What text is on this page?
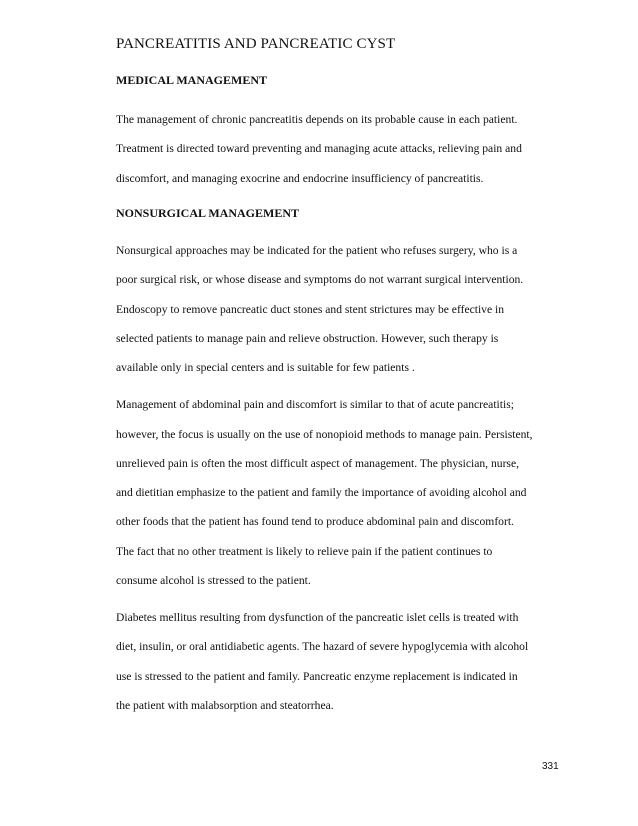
PANCREATITIS AND PANCREATIC CYST
MEDICAL MANAGEMENT
The management of chronic pancreatitis depends on its probable cause in each patient.
Treatment is directed toward preventing and managing acute attacks, relieving pain and
discomfort, and managing exocrine and endocrine insufficiency of pancreatitis.
NONSURGICAL MANAGEMENT
Nonsurgical approaches may be indicated for the patient who refuses surgery, who is a
poor surgical risk, or whose disease and symptoms do not warrant surgical intervention.
Endoscopy to remove pancreatic duct stones and stent strictures may be effective in
selected patients to manage pain and relieve obstruction. However, such therapy is
available only in special centers and is suitable for few patients .
Management of abdominal pain and discomfort is similar to that of acute pancreatitis;
however, the focus is usually on the use of nonopioid methods to manage pain. Persistent,
unrelieved pain is often the most difficult aspect of management. The physician, nurse,
and dietitian emphasize to the patient and family the importance of avoiding alcohol and
other foods that the patient has found tend to produce abdominal pain and discomfort.
The fact that no other treatment is likely to relieve pain if the patient continues to
consume alcohol is stressed to the patient.
Diabetes mellitus resulting from dysfunction of the pancreatic islet cells is treated with
diet, insulin, or oral antidiabetic agents. The hazard of severe hypoglycemia with alcohol
use is stressed to the patient and family. Pancreatic enzyme replacement is indicated in
the patient with malabsorption and steatorrhea.
331
